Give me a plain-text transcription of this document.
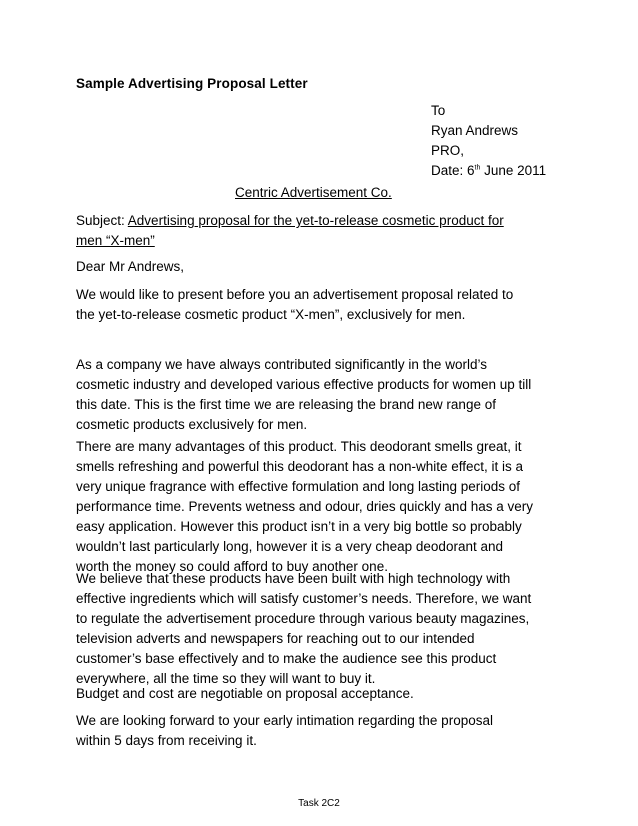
Sample Advertising Proposal Letter
To
Ryan Andrews
PRO,
Date: 6th June 2011
Centric Advertisement Co.
Subject: Advertising proposal for the yet-to-release cosmetic product for
men “X-men”
Dear Mr Andrews,
We would like to present before you an advertisement proposal related to
the yet-to-release cosmetic product “X-men”, exclusively for men.
As a company we have always contributed significantly in the world’s
cosmetic industry and developed various effective products for women up till
this date. This is the first time we are releasing the brand new range of
cosmetic products exclusively for men.
There are many advantages of this product. This deodorant smells great, it
smells refreshing and powerful this deodorant has a non-white effect, it is a
very unique fragrance with effective formulation and long lasting periods of
performance time. Prevents wetness and odour, dries quickly and has a very
easy application. However this product isn’t in a very big bottle so probably
wouldn’t last particularly long, however it is a very cheap deodorant and
worth the money so could afford to buy another one.
We believe that these products have been built with high technology with
effective ingredients which will satisfy customer’s needs. Therefore, we want
to regulate the advertisement procedure through various beauty magazines,
television adverts and newspapers for reaching out to our intended
customer’s base effectively and to make the audience see this product
everywhere, all the time so they will want to buy it.
Budget and cost are negotiable on proposal acceptance.
We are looking forward to your early intimation regarding the proposal
within 5 days from receiving it.
Task 2C2
